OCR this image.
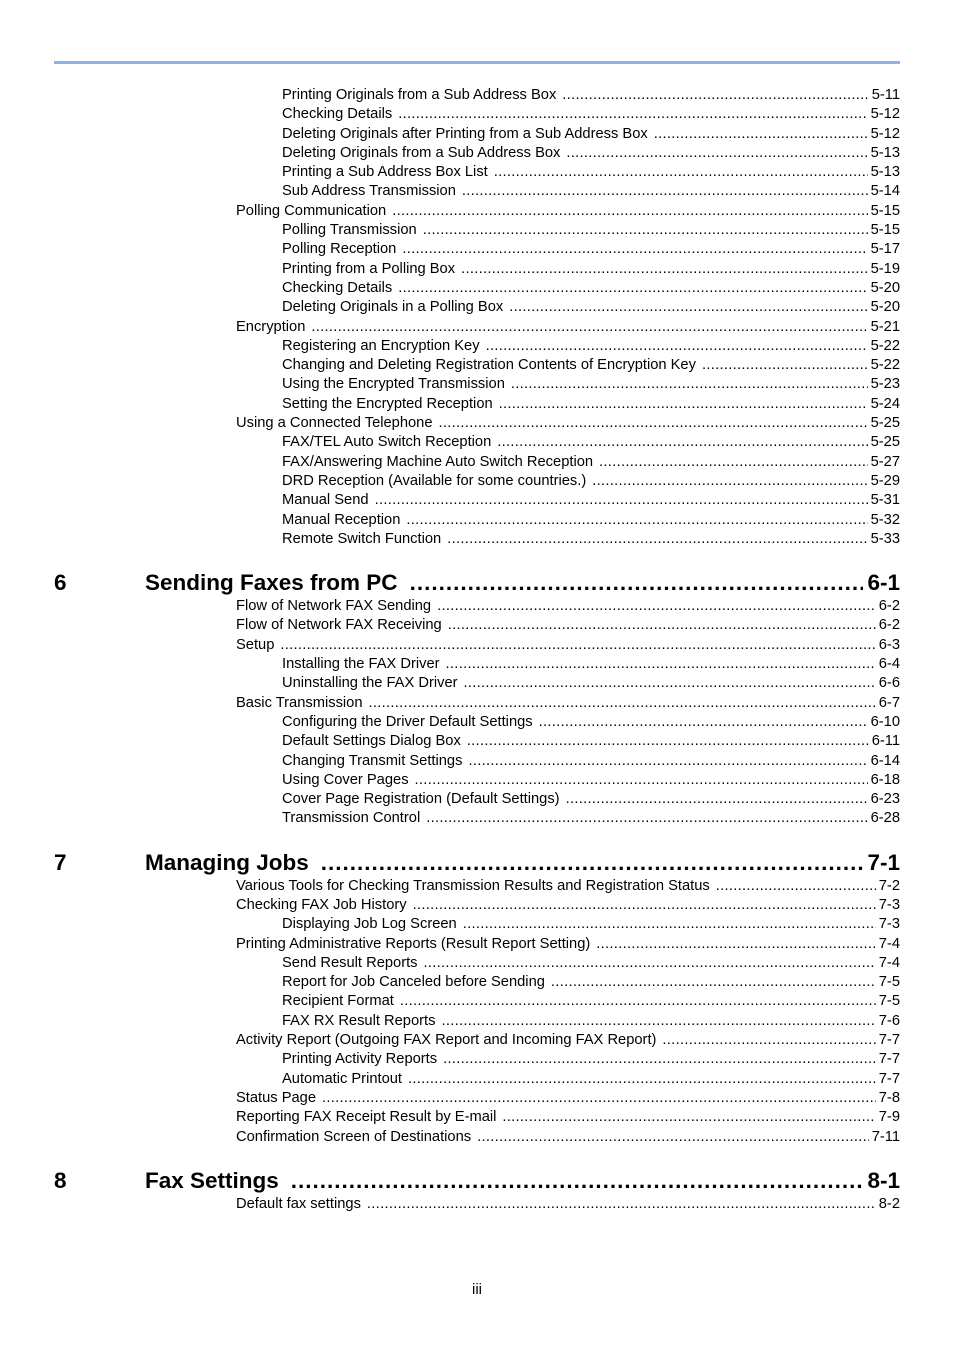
Printing Originals from a Sub Address Box .....	5-11
Checking Details .....	5-12
Deleting Originals after Printing from a Sub Address Box .....	5-12
Deleting Originals from a Sub Address Box .....	5-13
Printing a Sub Address Box List .....	5-13
Sub Address Transmission .....	5-14
Polling Communication .....	5-15
Polling Transmission .....	5-15
Polling Reception .....	5-17
Printing from a Polling Box .....	5-19
Checking Details .....	5-20
Deleting Originals in a Polling Box .....	5-20
Encryption .....	5-21
Registering an Encryption Key .....	5-22
Changing and Deleting Registration Contents of Encryption Key .....	5-22
Using the Encrypted Transmission .....	5-23
Setting the Encrypted Reception .....	5-24
Using a Connected Telephone .....	5-25
FAX/TEL Auto Switch Reception .....	5-25
FAX/Answering Machine Auto Switch Reception .....	5-27
DRD Reception (Available for some countries.) .....	5-29
Manual Send .....	5-31
Manual Reception .....	5-32
Remote Switch Function .....	5-33
6	Sending Faxes from PC .....	6-1
Flow of Network FAX Sending .....	6-2
Flow of Network FAX Receiving .....	6-2
Setup .....	6-3
Installing the FAX Driver .....	6-4
Uninstalling the FAX Driver .....	6-6
Basic Transmission .....	6-7
Configuring the Driver Default Settings .....	6-10
Default Settings Dialog Box .....	6-11
Changing Transmit Settings .....	6-14
Using Cover Pages .....	6-18
Cover Page Registration (Default Settings) .....	6-23
Transmission Control .....	6-28
7	Managing Jobs .....	7-1
Various Tools for Checking Transmission Results and Registration Status .....	7-2
Checking FAX Job History .....	7-3
Displaying Job Log Screen .....	7-3
Printing Administrative Reports (Result Report Setting) .....	7-4
Send Result Reports .....	7-4
Report for Job Canceled before Sending .....	7-5
Recipient Format .....	7-5
FAX RX Result Reports .....	7-6
Activity Report (Outgoing FAX Report and Incoming FAX Report) .....	7-7
Printing Activity Reports .....	7-7
Automatic Printout .....	7-7
Status Page .....	7-8
Reporting FAX Receipt Result by E-mail .....	7-9
Confirmation Screen of Destinations .....	7-11
8	Fax Settings .....	8-1
Default fax settings .....	8-2
iii
